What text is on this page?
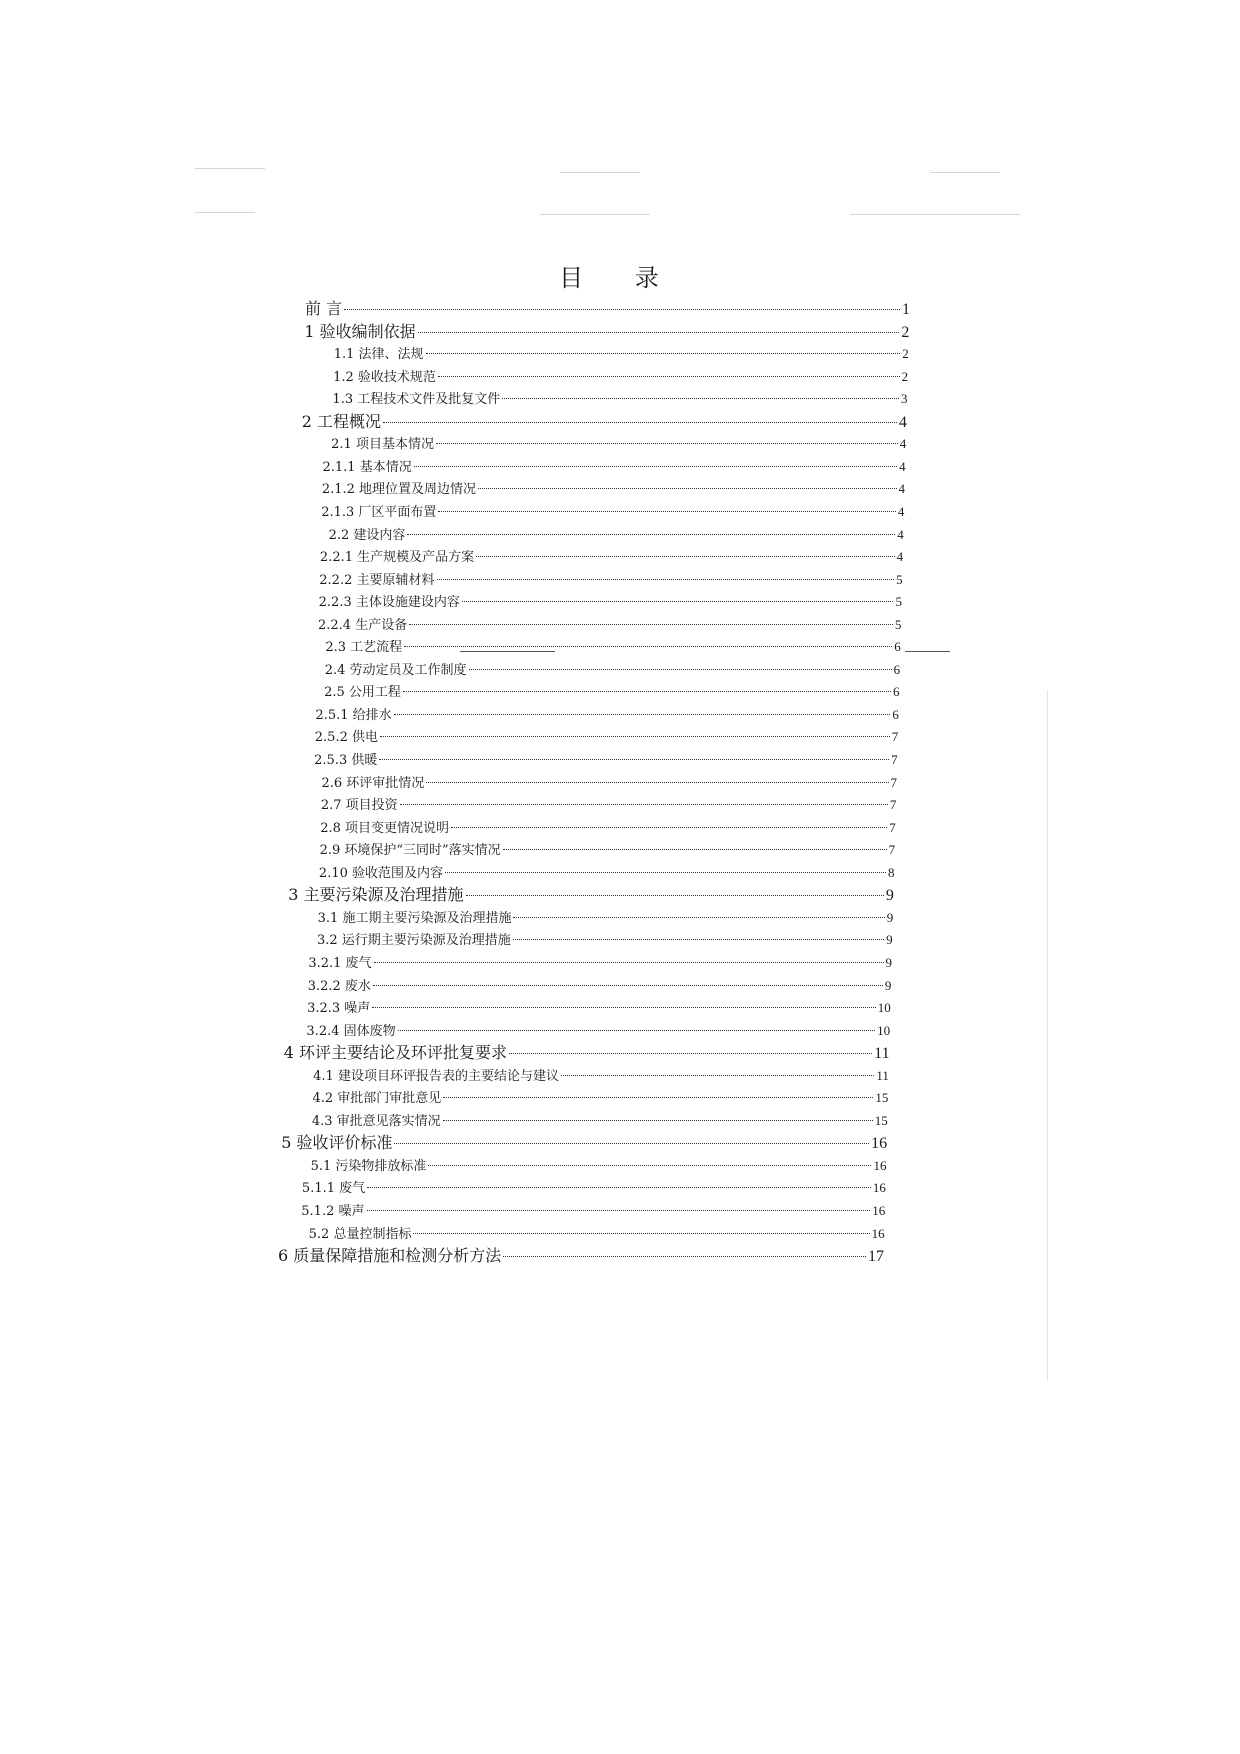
目 录
前 言	1
1 验收编制依据	2
1.1 法律、法规	2
1.2 验收技术规范	2
1.3 工程技术文件及批复文件	3
2 工程概况	4
2.1 项目基本情况	4
2.1.1 基本情况	4
2.1.2 地理位置及周边情况	4
2.1.3 厂区平面布置	4
2.2 建设内容	4
2.2.1 生产规模及产品方案	4
2.2.2 主要原辅材料	5
2.2.3 主体设施建设内容	5
2.2.4 生产设备	5
2.3 工艺流程	6
2.4 劳动定员及工作制度	6
2.5 公用工程	6
2.5.1 给排水	6
2.5.2 供电	7
2.5.3 供暖	7
2.6 环评审批情况	7
2.7 项目投资	7
2.8 项目变更情况说明	7
2.9 环境保护“三同时”落实情况	7
2.10 验收范围及内容	8
3 主要污染源及治理措施	9
3.1 施工期主要污染源及治理措施	9
3.2 运行期主要污染源及治理措施	9
3.2.1 废气	9
3.2.2 废水	9
3.2.3 噪声	10
3.2.4 固体废物	10
4 环评主要结论及环评批复要求	11
4.1 建设项目环评报告表的主要结论与建议	11
4.2 审批部门审批意见	15
4.3 审批意见落实情况	15
5 验收评价标准	16
5.1 污染物排放标准	16
5.1.1 废气	16
5.1.2 噪声	16
5.2 总量控制指标	16
6 质量保障措施和检测分析方法	17
